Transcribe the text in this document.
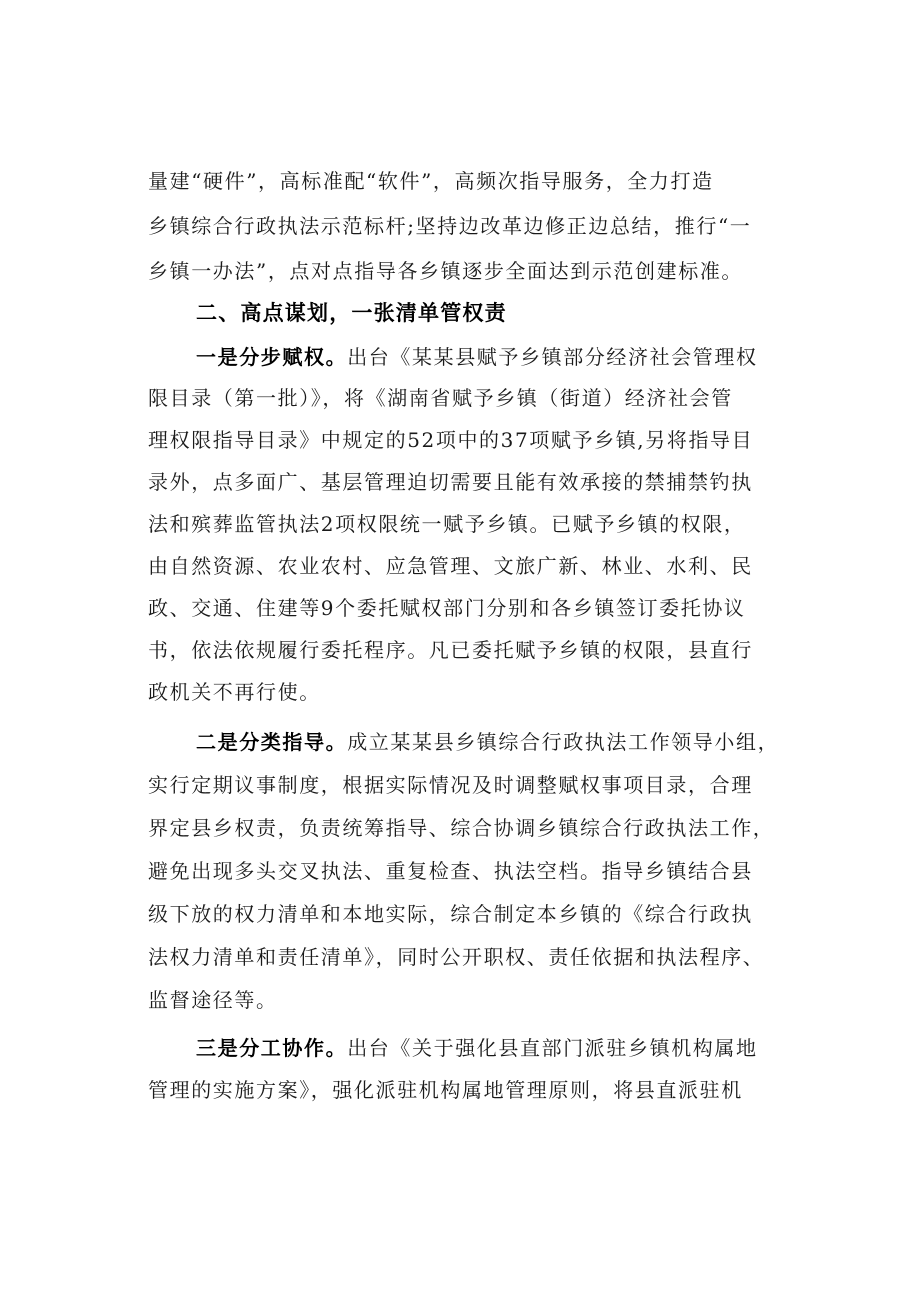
量建“硬件”，高标准配“软件”，高频次指导服务，全力打造
乡镇综合行政执法示范标杆;坚持边改革边修正边总结，推行“一
乡镇一办法”，点对点指导各乡镇逐步全面达到示范创建标准。
二、高点谋划，一张清单管权责
一是分步赋权。出台《某某县赋予乡镇部分经济社会管理权
限目录（第一批）》，将《湖南省赋予乡镇（街道）经济社会管
理权限指导目录》中规定的52项中的37项赋予乡镇,另将指导目
录外，点多面广、基层管理迫切需要且能有效承接的禁捕禁钓执
法和殡葬监管执法2项权限统一赋予乡镇。已赋予乡镇的权限，
由自然资源、农业农村、应急管理、文旅广新、林业、水利、民
政、交通、住建等9个委托赋权部门分别和各乡镇签订委托协议
书，依法依规履行委托程序。凡已委托赋予乡镇的权限，县直行
政机关不再行使。
二是分类指导。成立某某县乡镇综合行政执法工作领导小组，
实行定期议事制度，根据实际情况及时调整赋权事项目录，合理
界定县乡权责，负责统筹指导、综合协调乡镇综合行政执法工作，
避免出现多头交叉执法、重复检查、执法空档。指导乡镇结合县
级下放的权力清单和本地实际，综合制定本乡镇的《综合行政执
法权力清单和责任清单》，同时公开职权、责任依据和执法程序、
监督途径等。
三是分工协作。出台《关于强化县直部门派驻乡镇机构属地
管理的实施方案》，强化派驻机构属地管理原则，将县直派驻机
